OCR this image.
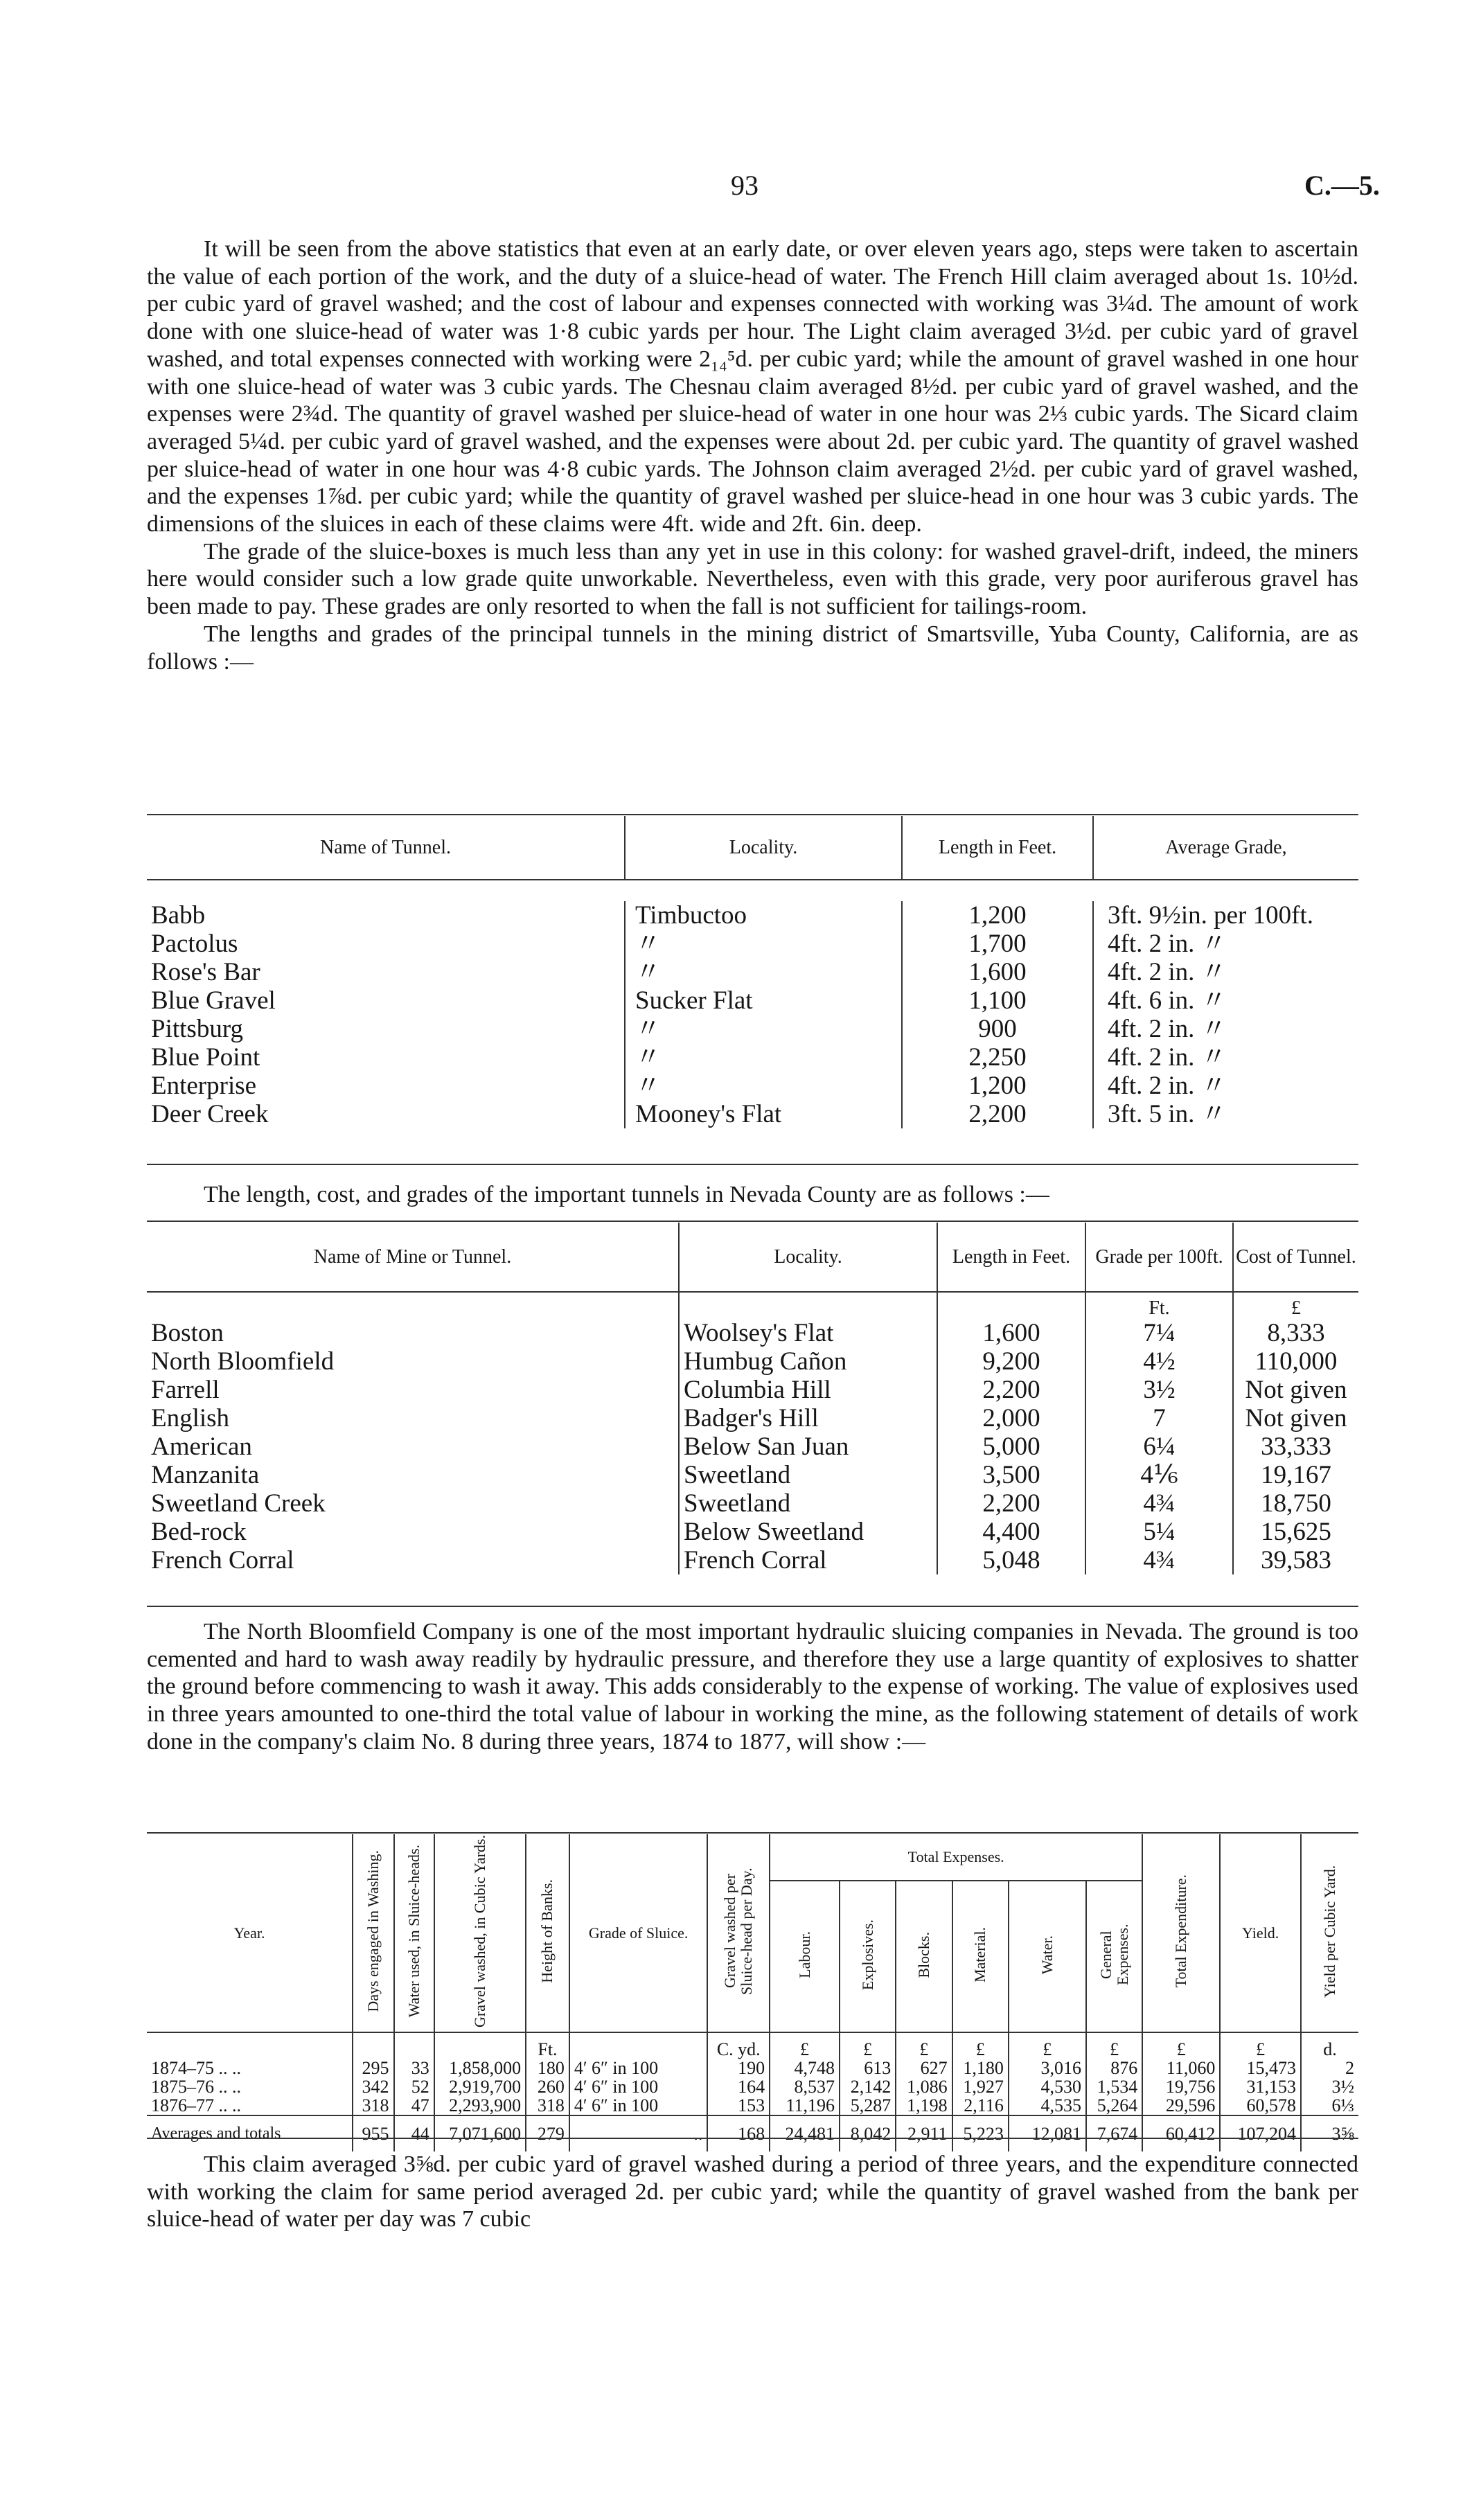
93	C.—5.

It will be seen from the above statistics that even at an early date, or over eleven years ago, steps were taken to ascertain the value of each portion of the work, and the duty of a sluice-head of water. The French Hill claim averaged about 1s. 10½d. per cubic yard of gravel washed; and the cost of labour and expenses connected with working was 3¼d. The amount of work done with one sluice-head of water was 1·8 cubic yards per hour. The Light claim averaged 3½d. per cubic yard of gravel washed, and total expenses connected with working were 2₁₄⁵d. per cubic yard; while the amount of gravel washed in one hour with one sluice-head of water was 3 cubic yards. The Chesnau claim averaged 8½d. per cubic yard of gravel washed, and the expenses were 2¾d. The quantity of gravel washed per sluice-head of water in one hour was 2⅓ cubic yards. The Sicard claim averaged 5¼d. per cubic yard of gravel washed, and the expenses were about 2d. per cubic yard. The quantity of gravel washed per sluice-head of water in one hour was 4·8 cubic yards. The Johnson claim averaged 2½d. per cubic yard of gravel washed, and the expenses 1⅞d. per cubic yard; while the quantity of gravel washed per sluice-head in one hour was 3 cubic yards. The dimensions of the sluices in each of these claims were 4ft. wide and 2ft. 6in. deep.

The grade of the sluice-boxes is much less than any yet in use in this colony: for washed gravel-drift, indeed, the miners here would consider such a low grade quite unworkable. Nevertheless, even with this grade, very poor auriferous gravel has been made to pay. These grades are only resorted to when the fall is not sufficient for tailings-room.

The lengths and grades of the principal tunnels in the mining district of Smartsville, Yuba County, California, are as follows :—

Name of Tunnel.	Locality.	Length in Feet.	Average Grade,

Babb	Timbuctoo	1,200	3ft. 9½in. per 100ft.
Pactolus	〃	1,700	4ft. 2 in. 〃
Rose's Bar	〃	1,600	4ft. 2 in. 〃
Blue Gravel	Sucker Flat	1,100	4ft. 6 in. 〃
Pittsburg	〃	900	4ft. 2 in. 〃
Blue Point	〃	2,250	4ft. 2 in. 〃
Enterprise	〃	1,200	4ft. 2 in. 〃
Deer Creek	Mooney's Flat	2,200	3ft. 5 in. 〃

The length, cost, and grades of the important tunnels in Nevada County are as follows :—

Name of Mine or Tunnel.	Locality.	Length in Feet.	Grade per 100ft.	Cost of Tunnel.
			Ft.	£
Boston	Woolsey's Flat	1,600	7¼	8,333
North Bloomfield	Humbug Cañon	9,200	4½	110,000
Farrell	Columbia Hill	2,200	3½	Not given
English	Badger's Hill	2,000	7	Not given
American	Below San Juan	5,000	6¼	33,333
Manzanita	Sweetland	3,500	4⅙	19,167
Sweetland Creek	Sweetland	2,200	4¾	18,750
Bed-rock	Below Sweetland	4,400	5¼	15,625
French Corral	French Corral	5,048	4¾	39,583

The North Bloomfield Company is one of the most important hydraulic sluicing companies in Nevada. The ground is too cemented and hard to wash away readily by hydraulic pressure, and therefore they use a large quantity of explosives to shatter the ground before commencing to wash it away. This adds considerably to the expense of working. The value of explosives used in three years amounted to one-third the total value of labour in working the mine, as the following statement of details of work done in the company's claim No. 8 during three years, 1874 to 1877, will show :—

Year.	Days engaged in Washing.	Water used, in Sluice-heads.	Gravel washed, in Cubic Yards.	Height of Banks.	Grade of Sluice.	Gravel washed per Sluice-head per Day.	Total Expenses.						Total Expenditure.	Yield.	Yield per Cubic Yard.
							Labour.	Explosives.	Blocks.	Material.	Water.	General Expenses.			
				Ft.		C. yd.	£	£	£	£	£	£	£	£	d.
1874–75 .. ..	295	33	1,858,000	180	4′ 6″ in 100	190	4,748	613	627	1,180	3,016	876	11,060	15,473	2
1875–76 .. ..	342	52	2,919,700	260	4′ 6″ in 100	164	8,537	2,142	1,086	1,927	4,530	1,534	19,756	31,153	3½
1876–77 .. ..	318	47	2,293,900	318	4′ 6″ in 100	153	11,196	5,287	1,198	2,116	4,535	5,264	29,596	60,578	6⅓
Averages and totals	955	44	7,071,600	279	..	168	24,481	8,042	2,911	5,223	12,081	7,674	60,412	107,204	3⅝

This claim averaged 3⅝d. per cubic yard of gravel washed during a period of three years, and the expenditure connected with working the claim for same period averaged 2d. per cubic yard; while the quantity of gravel washed from the bank per sluice-head of water per day was 7 cubic
